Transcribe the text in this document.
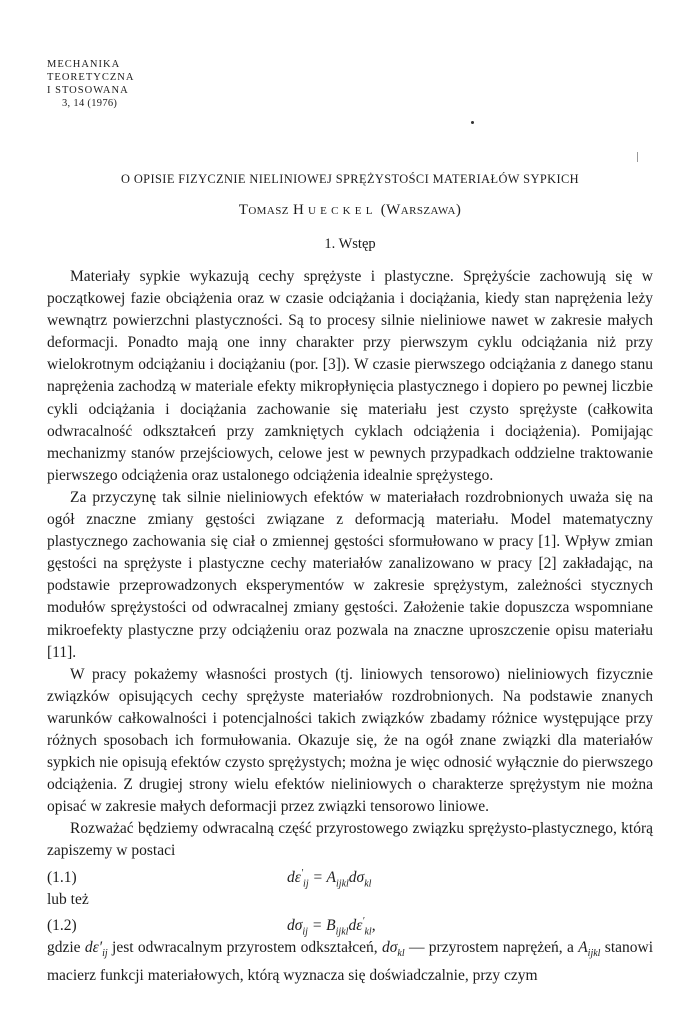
MECHANIKA
TEORETYCZNA
I STOSOWANA
3, 14 (1976)
O OPISIE FIZYCZNIE NIELINIOWEJ SPRĘŻYSTOŚCI MATERIAŁÓW SYPKICH
Tomasz Hueckel (Warszawa)
1. Wstęp

Materiały sypkie wykazują cechy sprężyste i plastyczne. Sprężyście zachowują się w początkowej fazie obciążenia oraz w czasie odciążania i dociążania, kiedy stan naprężenia leży wewnątrz powierzchni plastyczności. Są to procesy silnie nieliniowe nawet w zakresie małych deformacji. Ponadto mają one inny charakter przy pierwszym cyklu odciążania niż przy wielokrotnym odciążaniu i dociążaniu (por. [3]). W czasie pierwszego odciążania z danego stanu naprężenia zachodzą w materiale efekty mikropłynięcia plastycznego i dopiero po pewnej liczbie cykli odciążania i dociążania zachowanie się materiału jest czysto sprężyste (całkowita odwracalność odkształceń przy zamkniętych cyklach odciążenia i dociążenia). Pomijając mechanizmy stanów przejściowych, celowe jest w pewnych przypadkach oddzielne traktowanie pierwszego odciążenia oraz ustalonego odciążenia idealnie sprężystego.

Za przyczynę tak silnie nieliniowych efektów w materiałach rozdrobnionych uważa się na ogół znaczne zmiany gęstości związane z deformacją materiału. Model matematyczny plastycznego zachowania się ciał o zmiennej gęstości sformułowano w pracy [1]. Wpływ zmian gęstości na sprężyste i plastyczne cechy materiałów zanalizowano w pracy [2] zakładając, na podstawie przeprowadzonych eksperymentów w zakresie sprężystym, zależności stycznych modułów sprężystości od odwracalnej zmiany gęstości. Założenie takie dopuszcza wspomniane mikroefekty plastyczne przy odciążeniu oraz pozwala na znaczne uproszczenie opisu materiału [11].

W pracy pokażemy własności prostych (tj. liniowych tensorowo) nieliniowych fizycznie związków opisujących cechy sprężyste materiałów rozdrobnionych. Na podstawie znanych warunków całkowalności i potencjalności takich związków zbadamy różnice występujące przy różnych sposobach ich formułowania. Okazuje się, że na ogół znane związki dla materiałów sypkich nie opisują efektów czysto sprężystych; można je więc odnosić wyłącznie do pierwszego odciążenia. Z drugiej strony wielu efektów nieliniowych o charakterze sprężystym nie można opisać w zakresie małych deformacji przez związki tensorowo liniowe.

Rozważać będziemy odwracalną część przyrostowego związku sprężysto-plastycznego, którą zapiszemy w postaci

(1.1)	$d\varepsilon'_{ij} = A_{ijkl}d\sigma_{kl}$

lub też

(1.2)	$d\sigma_{ij} = B_{ijkl}d\varepsilon'_{kl}$,

gdzie $d\varepsilon'_{ij}$ jest odwracalnym przyrostem odkształceń, $d\sigma_{kl}$ — przyrostem naprężeń, a $A_{ijkl}$ stanowi macierz funkcji materiałowych, którą wyznacza się doświadczalnie, przy czym
